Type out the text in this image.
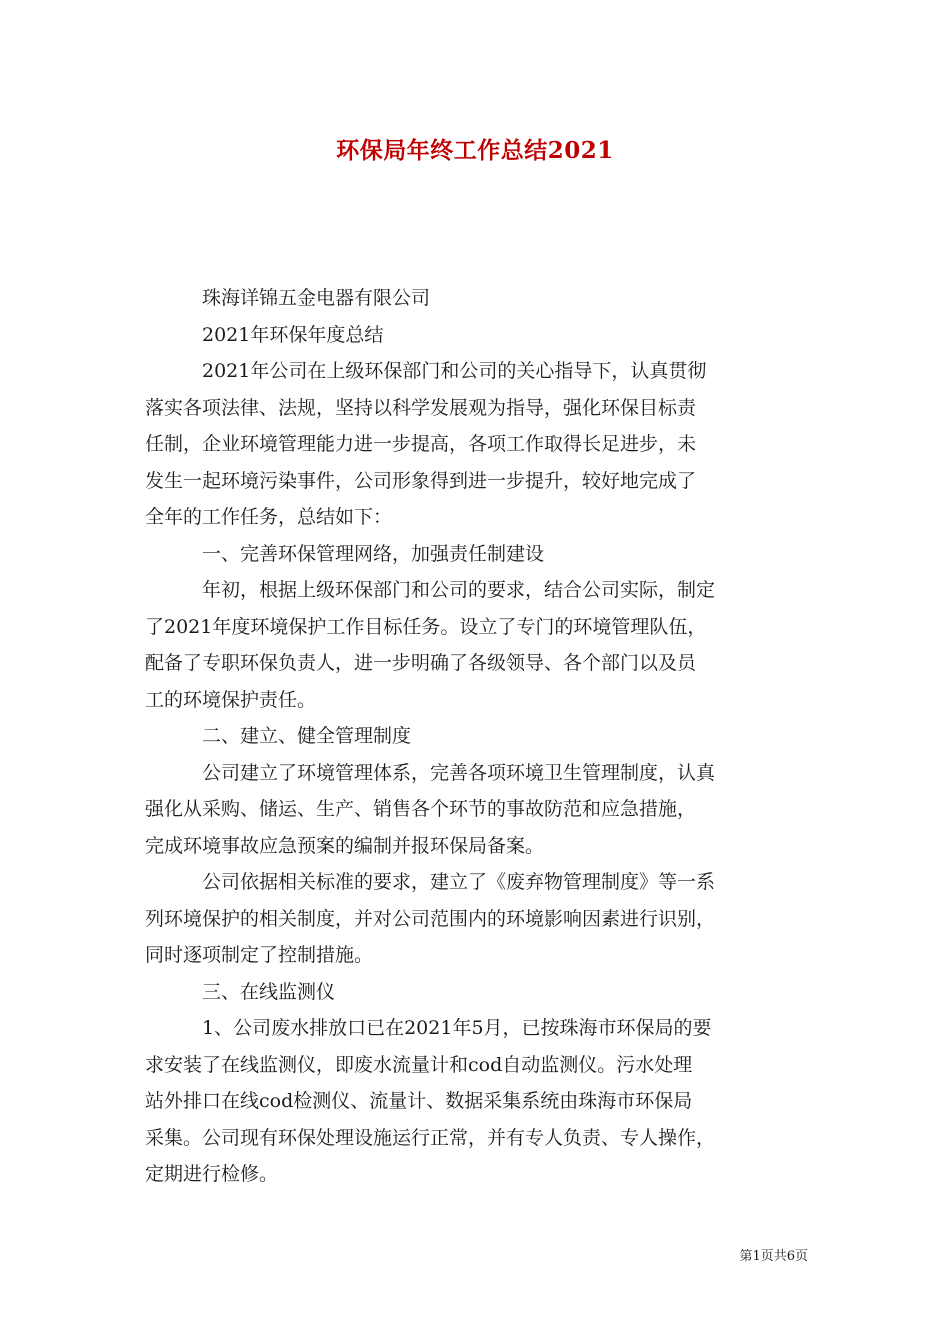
环保局年终工作总结2021
珠海详锦五金电器有限公司
2021年环保年度总结
2021年公司在上级环保部门和公司的关心指导下，认真贯彻
落实各项法律、法规，坚持以科学发展观为指导，强化环保目标责
任制，企业环境管理能力进一步提高，各项工作取得长足进步，未
发生一起环境污染事件，公司形象得到进一步提升，较好地完成了
全年的工作任务，总结如下：
一、完善环保管理网络，加强责任制建设
年初，根据上级环保部门和公司的要求，结合公司实际，制定
了2021年度环境保护工作目标任务。设立了专门的环境管理队伍，
配备了专职环保负责人，进一步明确了各级领导、各个部门以及员
工的环境保护责任。
二、建立、健全管理制度
公司建立了环境管理体系，完善各项环境卫生管理制度，认真
强化从采购、储运、生产、销售各个环节的事故防范和应急措施，
完成环境事故应急预案的编制并报环保局备案。
公司依据相关标准的要求，建立了《废弃物管理制度》等一系
列环境保护的相关制度，并对公司范围内的环境影响因素进行识别，
同时逐项制定了控制措施。
三、在线监测仪
1、公司废水排放口已在2021年5月，已按珠海市环保局的要
求安装了在线监测仪，即废水流量计和cod自动监测仪。污水处理
站外排口在线cod检测仪、流量计、数据采集系统由珠海市环保局
采集。公司现有环保处理设施运行正常，并有专人负责、专人操作，
定期进行检修。
第1页共6页
